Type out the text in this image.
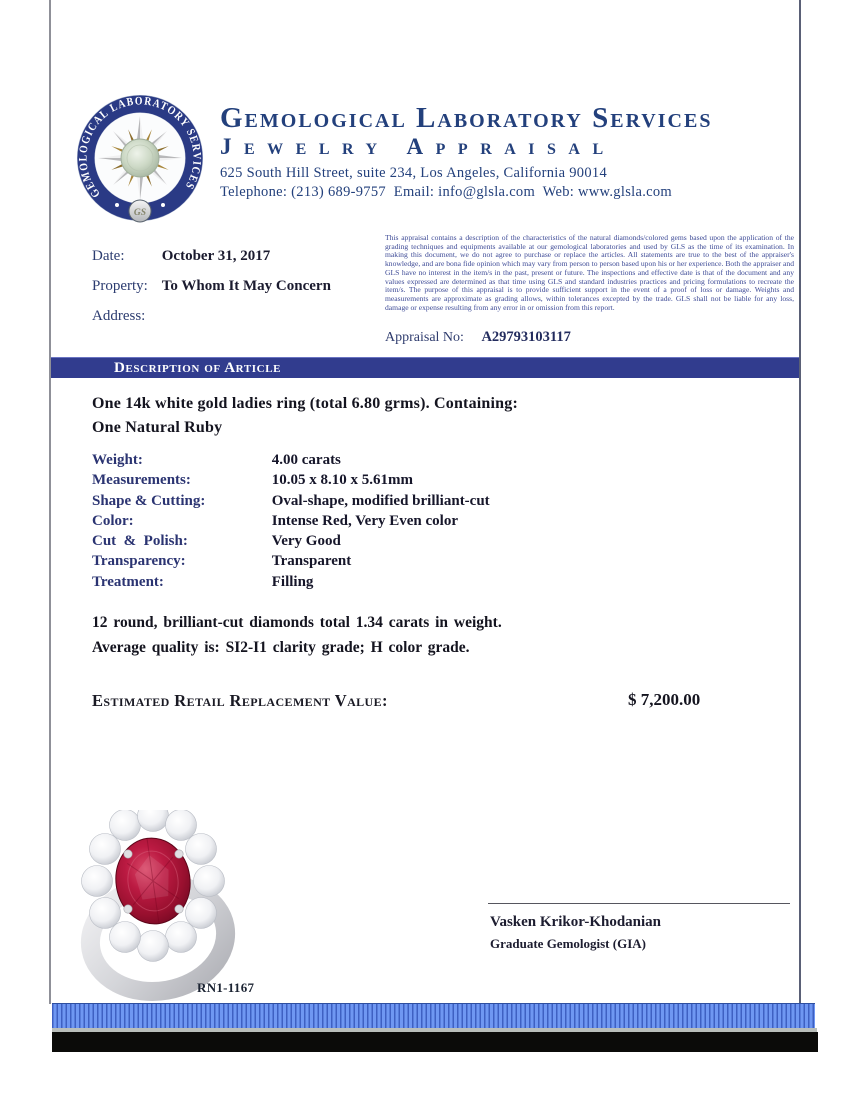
GEMOLOGICAL LABORATORY SERVICES
GS
Gemological Laboratory Services
Jewelry Appraisal
625 South Hill Street, suite 234, Los Angeles, California 90014
Telephone: (213) 689-9757  Email: info@glsla.com  Web: www.glsla.com
Date: October 31, 2017
Property: To Whom It May Concern
Address:
This appraisal contains a description of the characteristics of the natural diamonds/colored gems based upon the application of the grading techniques and equipments available at our gemological laboratories and used by GLS as the time of its examination. In making this document, we do not agree to purchase or replace the articles. All statements are true to the best of the appraiser's knowledge, and are bona fide opinion which may vary from person to person based upon his or her experience. Both the appraiser and GLS have no interest in the item/s in the past, present or future. The inspections and effective date is that of the document and any values expressed are determined as that time using GLS and standard industries practices and pricing formulations to recreate the item/s. The purpose of this appraisal is to provide sufficient support in the event of a proof of loss or damage. Weights and measurements are approximate as grading allows, within tolerances excepted by the trade. GLS shall not be liable for any loss, damage or expense resulting from any error in or omission from this report.
Appraisal No: A29793103117
Description of Article
One 14k white gold ladies ring (total 6.80 grms). Containing:
One Natural Ruby
Weight:	4.00 carats
Measurements:	10.05 x 8.10 x 5.61mm
Shape & Cutting:	Oval-shape, modified brilliant-cut
Color:	Intense Red, Very Even color
Cut  &  Polish:	Very Good
Transparency:	Transparent
Treatment:	Filling
12 round, brilliant-cut diamonds total 1.34 carats in weight.
Average quality is: SI2-I1 clarity grade; H color grade.
Estimated Retail Replacement Value:	$ 7,200.00
RN1-1167
Vasken Krikor-Khodanian
Graduate Gemologist (GIA)
